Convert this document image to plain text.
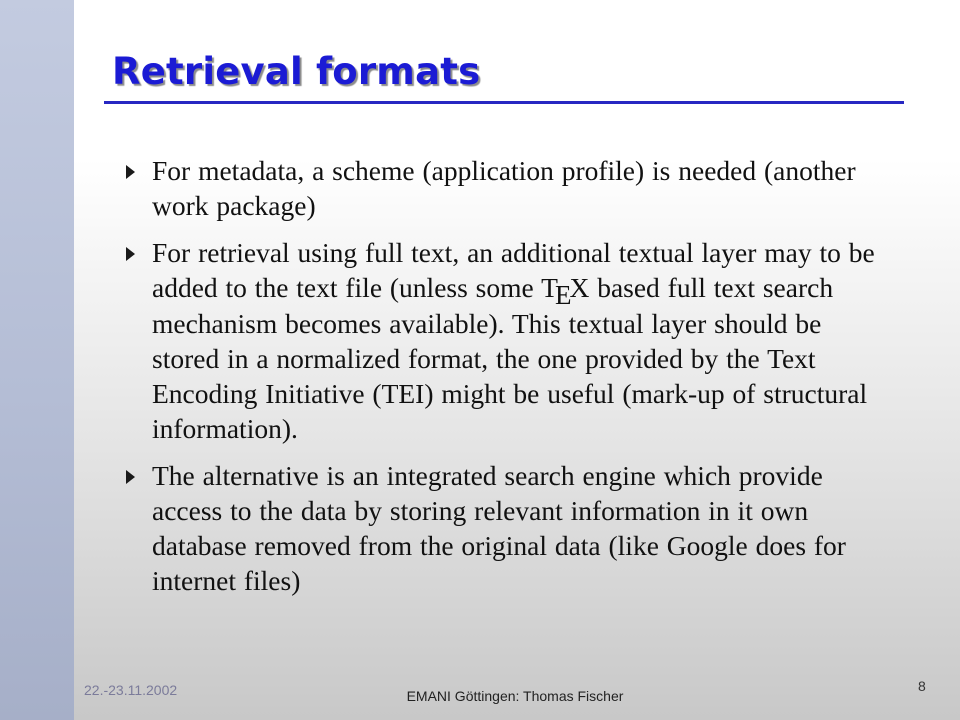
Retrieval formats
For metadata, a scheme (application profile) is needed (another work package)
For retrieval using full text, an additional textual layer may to be added to the text file (unless some TEX based full text search mechanism becomes available). This textual layer should be stored in a normalized format, the one provided by the Text Encoding Initiative (TEI) might be useful (mark-up of structural information).
The alternative is an integrated search engine which provide access to the data by storing relevant information in it own database removed from the original data (like Google does for internet files)
22.-23.11.2002	EMANI Göttingen: Thomas Fischer
8
